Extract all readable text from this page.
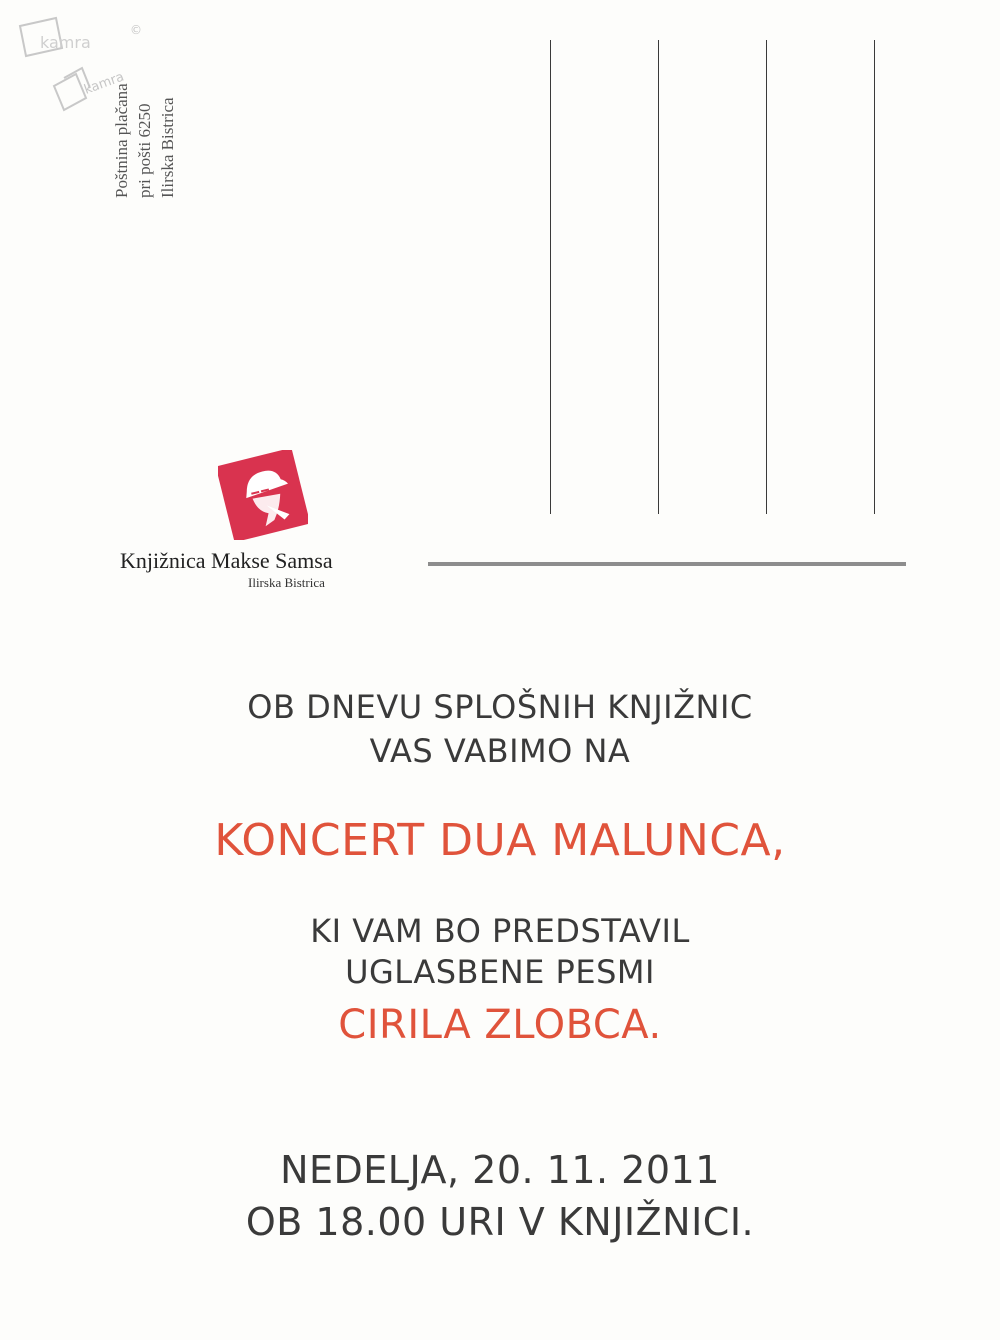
kamra
kamra
©
Poštnina plačana pri pošti 6250 Ilirska Bistrica
Knjižnica Makse Samsa
Ilirska Bistrica
OB DNEVU SPLOŠNIH KNJIŽNIC
VAS VABIMO NA
KONCERT DUA MALUNCA,
KI VAM BO PREDSTAVIL
UGLASBENE PESMI
CIRILA ZLOBCA.
NEDELJA, 20. 11. 2011
OB 18.00 URI V KNJIŽNICI.
